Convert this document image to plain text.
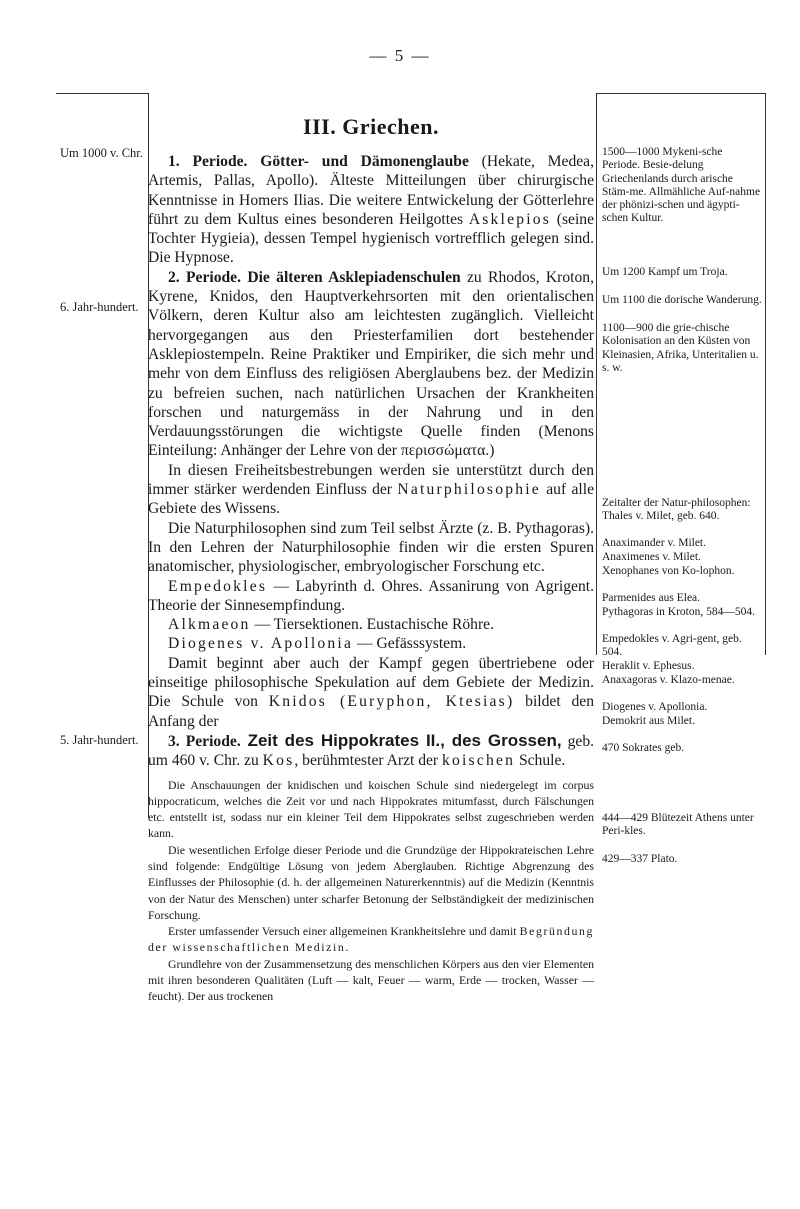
— 5 —
Um 1000 v. Chr.
6. Jahr-hundert.
5. Jahr-hundert.
1500—1000 Mykeni-sche Periode. Besie-delung Griechenlands durch arische Stäm-me. Allmähliche Auf-nahme der phönizi-schen und ägypti-schen Kultur.
Um 1200 Kampf um Troja.
Um 1100 die dorische Wanderung.
1100—900 die grie-chische Kolonisation an den Küsten von Kleinasien, Afrika, Unteritalien u. s. w.
Zeitalter der Natur-philosophen: Thales v. Milet, geb. 640.
Anaximander v. Milet.
Anaximenes v. Milet.
Xenophanes von Ko-lophon.
Parmenides aus Elea.
Pythagoras in Kroton, 584—504.
Empedokles v. Agri-gent, geb. 504.
Heraklit v. Ephesus.
Anaxagoras v. Klazo-menae.
Diogenes v. Apollonia.
Demokrit aus Milet.
470 Sokrates geb.
444—429 Blütezeit Athens unter Peri-kles.
429—337 Plato.
III. Griechen.

1. Periode. Götter- und Dämonenglaube (Hekate, Medea, Artemis, Pallas, Apollo). Älteste Mitteilungen über chirurgische Kenntnisse in Homers Ilias. Die weitere Entwickelung der Götterlehre führt zu dem Kultus eines besonderen Heilgottes Asklepios (seine Tochter Hygieia), dessen Tempel hygienisch vortrefflich gelegen sind. Die Hypnose.

2. Periode. Die älteren Asklepiadenschulen zu Rhodos, Kroton, Kyrene, Knidos, den Hauptverkehrsorten mit den orientalischen Völkern, deren Kultur also am leichtesten zugänglich. Vielleicht hervorgegangen aus den Priesterfamilien dort bestehender Asklepiostempeln. Reine Praktiker und Empiriker, die sich mehr und mehr von dem Einfluss des religiösen Aberglaubens bez. der Medizin zu befreien suchen, nach natürlichen Ursachen der Krankheiten forschen und naturgemäss in der Nahrung und in den Verdauungsstörungen die wichtigste Quelle finden (Menons Einteilung: Anhänger der Lehre von der περισσώματα.)

In diesen Freiheitsbestrebungen werden sie unterstützt durch den immer stärker werdenden Einfluss der Naturphilosophie auf alle Gebiete des Wissens.

Die Naturphilosophen sind zum Teil selbst Ärzte (z. B. Pythagoras). In den Lehren der Naturphilosophie finden wir die ersten Spuren anatomischer, physiologischer, embryologischer Forschung etc.

Empedokles — Labyrinth d. Ohres. Assanirung von Agrigent. Theorie der Sinnesempfindung.

Alkmaeon — Tiersektionen. Eustachische Röhre.

Diogenes v. Apollonia — Gefässsystem.

Damit beginnt aber auch der Kampf gegen übertriebene oder einseitige philosophische Spekulation auf dem Gebiete der Medizin. Die Schule von Knidos (Euryphon, Ktesias) bildet den Anfang der

3. Periode. Zeit des Hippokrates II., des Grossen, geb. um 460 v. Chr. zu Kos, berühmtester Arzt der koischen Schule.

Die Anschauungen der knidischen und koischen Schule sind niedergelegt im corpus hippocraticum, welches die Zeit vor und nach Hippokrates mitumfasst, durch Fälschungen etc. entstellt ist, sodass nur ein kleiner Teil dem Hippokrates selbst zugeschrieben werden kann.

Die wesentlichen Erfolge dieser Periode und die Grundzüge der Hippokrateischen Lehre sind folgende: Endgültige Lösung von jedem Aberglauben. Richtige Abgrenzung des Einflusses der Philosophie (d. h. der allgemeinen Naturerkenntnis) auf die Medizin (Kenntnis von der Natur des Menschen) unter scharfer Betonung der Selbständigkeit der medizinischen Forschung.

Erster umfassender Versuch einer allgemeinen Krankheitslehre und damit Begründung der wissenschaftlichen Medizin.

Grundlehre von der Zusammensetzung des menschlichen Körpers aus den vier Elementen mit ihren besonderen Qualitäten (Luft — kalt, Feuer — warm, Erde — trocken, Wasser — feucht). Der aus trockenen
